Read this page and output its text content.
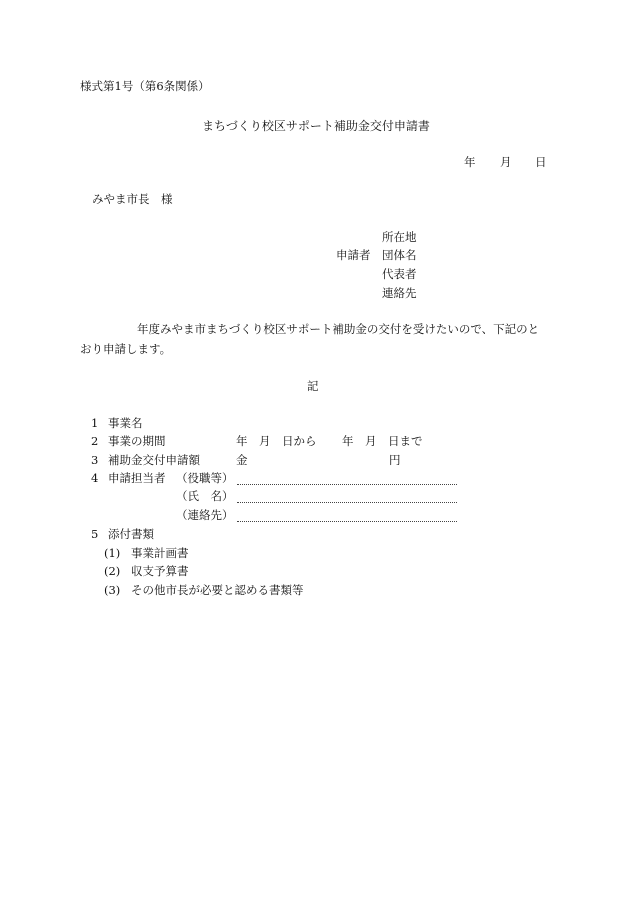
様式第1号（第6条関係）
まちづくり校区サポート補助金交付申請書
年 月 日
みやま市長　様
所在地
申請者 団体名
代表者
連絡先
年度みやま市まちづくり校区サポート補助金の交付を受けたいので、下記のと
おり申請します。
記
1 事業名
2 事業の期間	年　月　日から 年　月　日まで
3 補助金交付申請額	金	円
4 申請担当者 （役職等）
（氏　名）
（連絡先）
5 添付書類
(1) 事業計画書
(2) 収支予算書
(3) その他市長が必要と認める書類等
